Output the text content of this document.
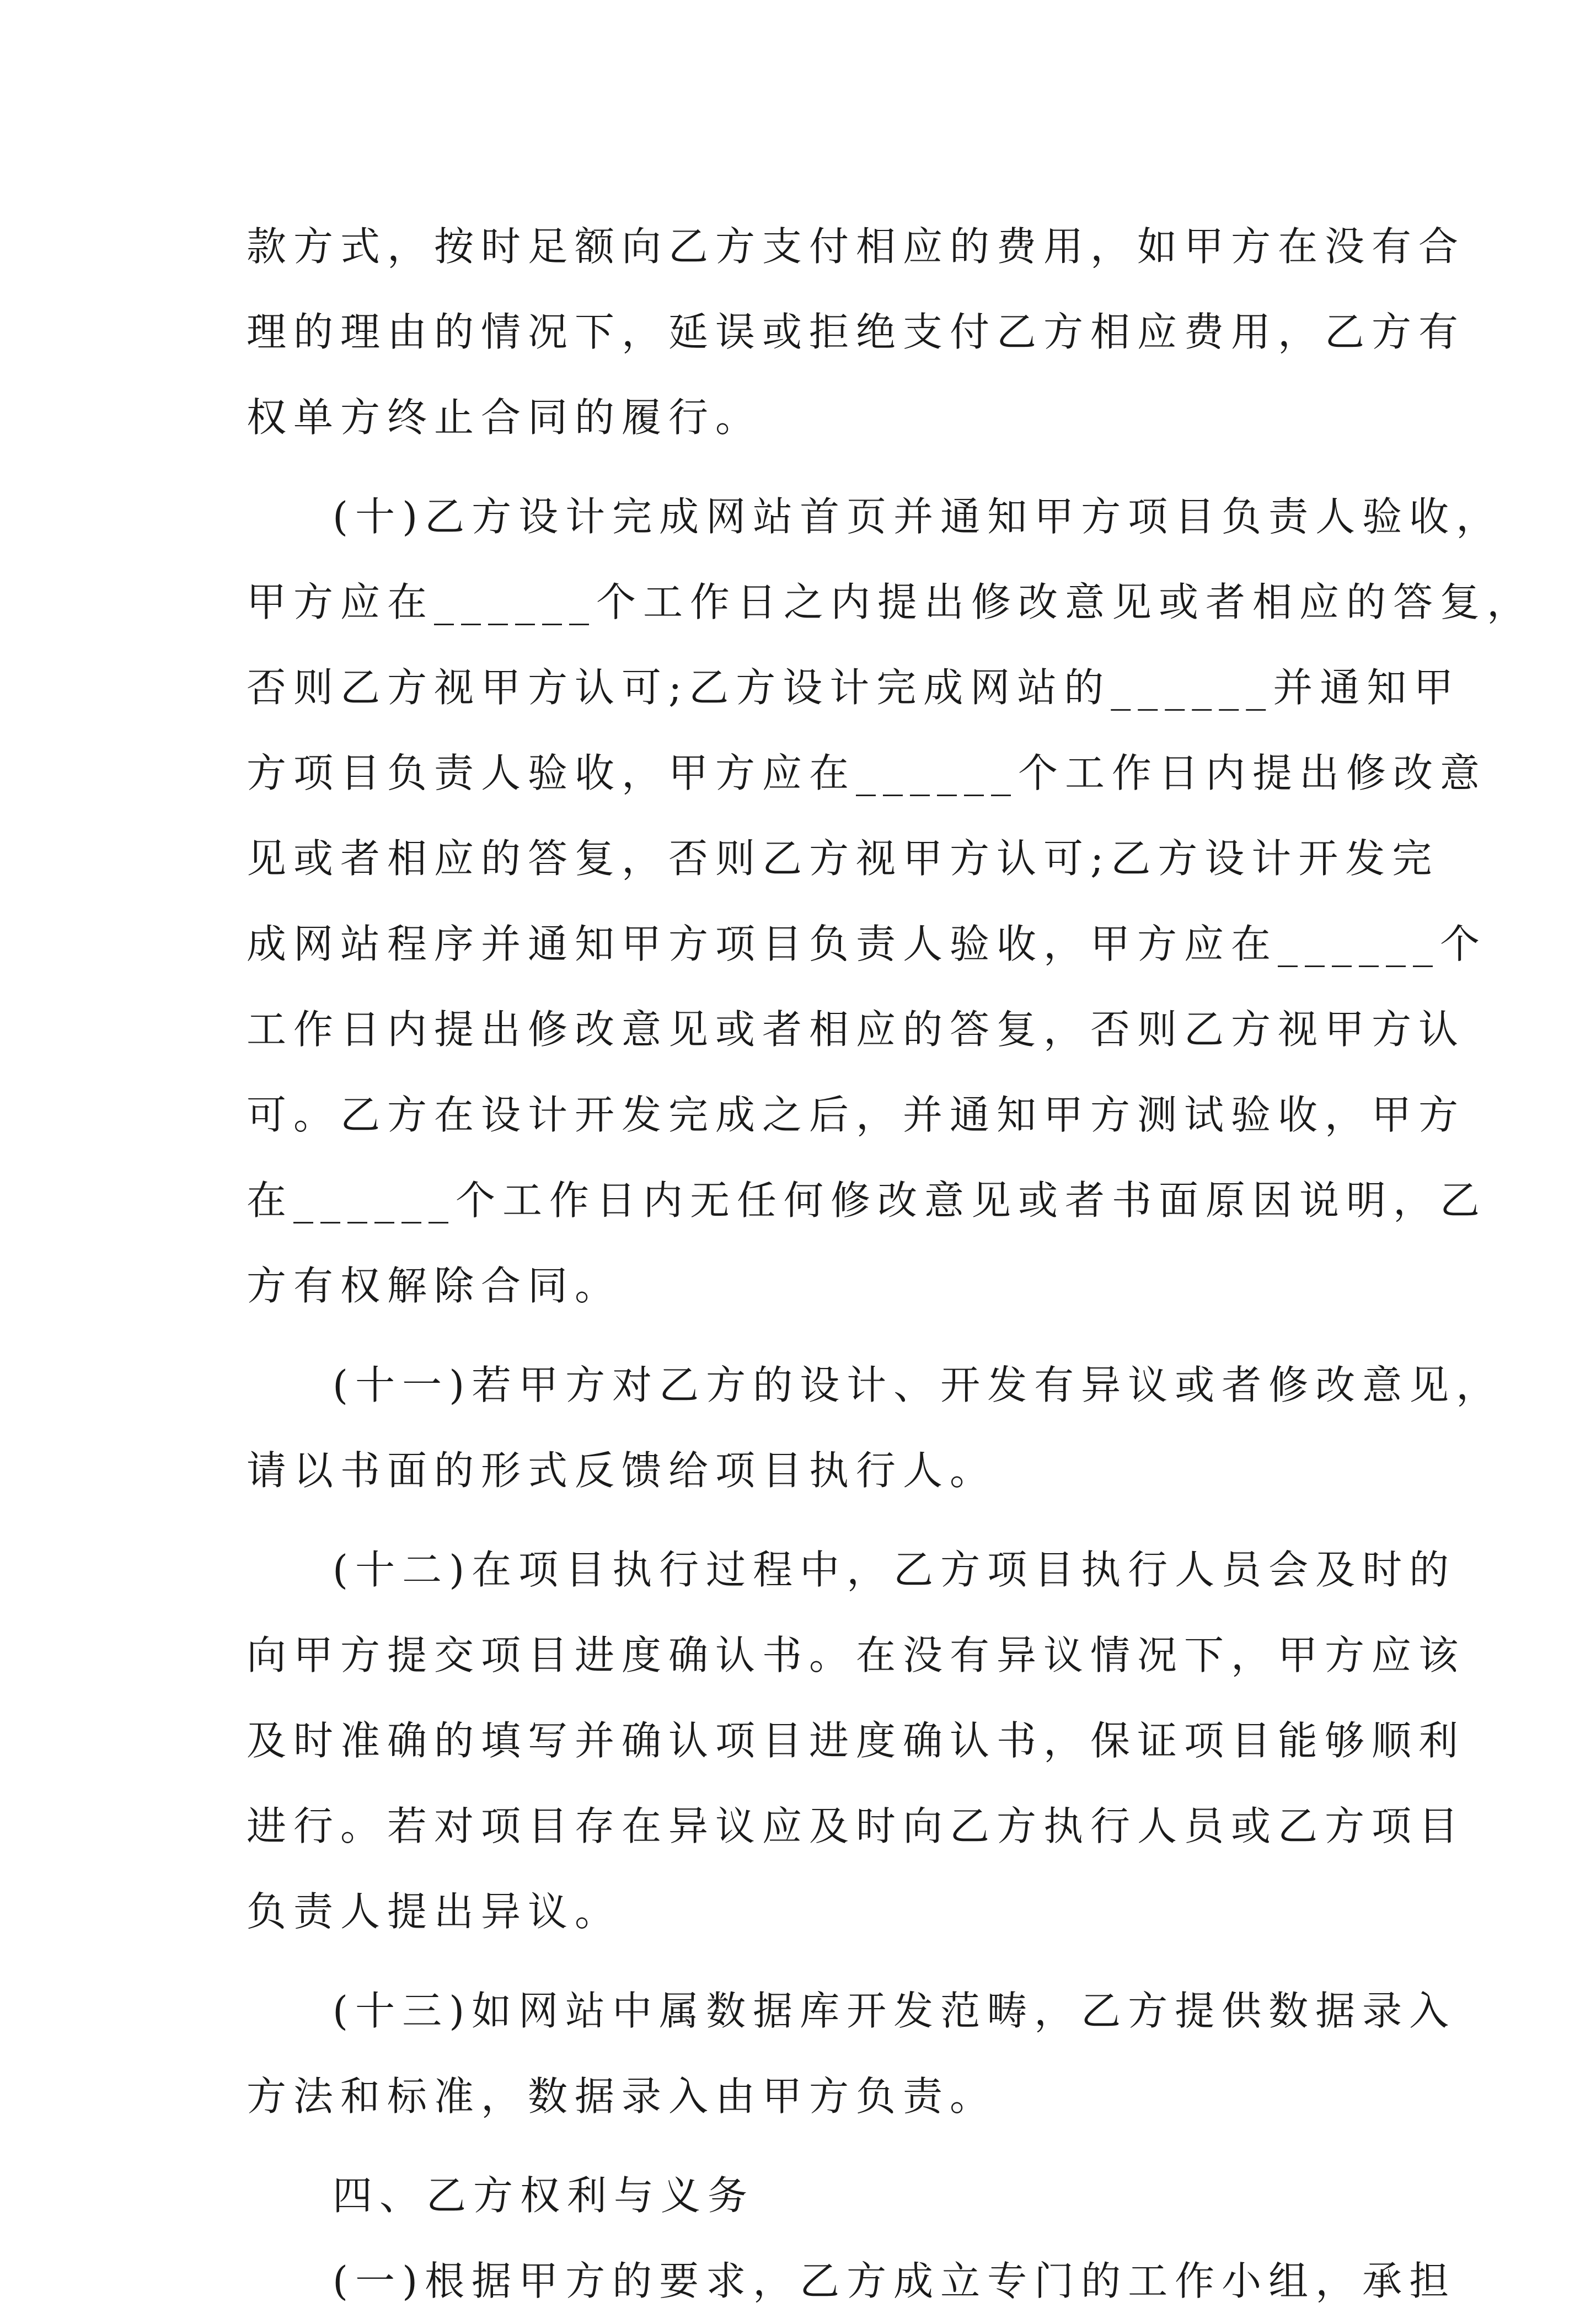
款方式，按时足额向乙方支付相应的费用，如甲方在没有合
理的理由的情况下，延误或拒绝支付乙方相应费用，乙方有
权单方终止合同的履行。
(十)乙方设计完成网站首页并通知甲方项目负责人验收，
甲方应在______个工作日之内提出修改意见或者相应的答复，
否则乙方视甲方认可;乙方设计完成网站的______并通知甲
方项目负责人验收，甲方应在______个工作日内提出修改意
见或者相应的答复，否则乙方视甲方认可;乙方设计开发完
成网站程序并通知甲方项目负责人验收，甲方应在______个
工作日内提出修改意见或者相应的答复，否则乙方视甲方认
可。乙方在设计开发完成之后，并通知甲方测试验收，甲方
在______个工作日内无任何修改意见或者书面原因说明，乙
方有权解除合同。
(十一)若甲方对乙方的设计、开发有异议或者修改意见，
请以书面的形式反馈给项目执行人。
(十二)在项目执行过程中，乙方项目执行人员会及时的
向甲方提交项目进度确认书。在没有异议情况下，甲方应该
及时准确的填写并确认项目进度确认书，保证项目能够顺利
进行。若对项目存在异议应及时向乙方执行人员或乙方项目
负责人提出异议。
(十三)如网站中属数据库开发范畴，乙方提供数据录入
方法和标准，数据录入由甲方负责。
四、乙方权利与义务
(一)根据甲方的要求，乙方成立专门的工作小组，承担
